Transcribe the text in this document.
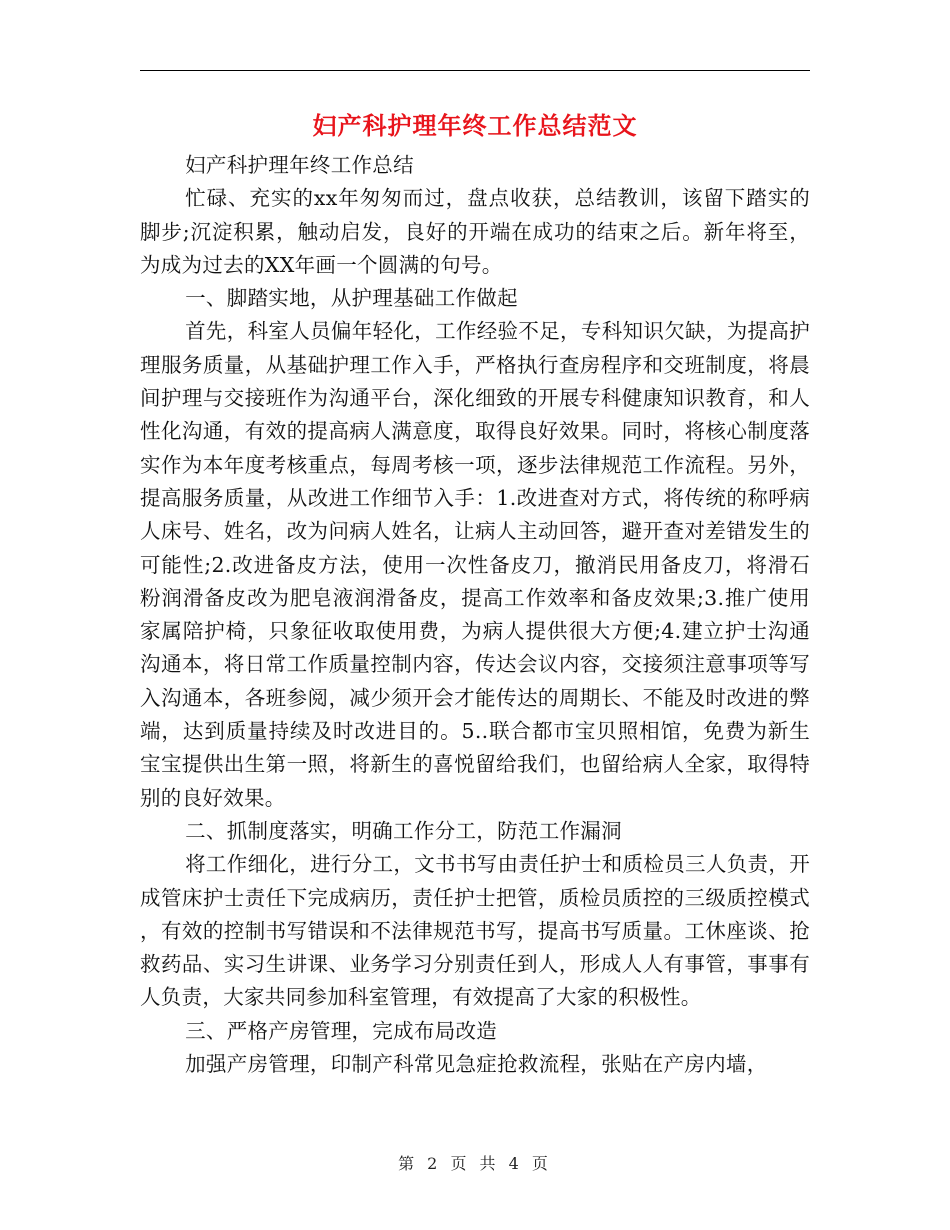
妇产科护理年终工作总结范文

妇产科护理年终工作总结

忙碌、充实的xx年匆匆而过，盘点收获，总结教训，该留下踏实的脚步;沉淀积累，触动启发，良好的开端在成功的结束之后。新年将至，为成为过去的XX年画一个圆满的句号。

一、脚踏实地，从护理基础工作做起

首先，科室人员偏年轻化，工作经验不足，专科知识欠缺，为提高护理服务质量，从基础护理工作入手，严格执行查房程序和交班制度，将晨间护理与交接班作为沟通平台，深化细致的开展专科健康知识教育，和人性化沟通，有效的提高病人满意度，取得良好效果。同时，将核心制度落实作为本年度考核重点，每周考核一项，逐步法律规范工作流程。另外，提高服务质量，从改进工作细节入手：1.改进查对方式，将传统的称呼病人床号、姓名，改为问病人姓名，让病人主动回答，避开查对差错发生的可能性;2.改进备皮方法，使用一次性备皮刀，撤消民用备皮刀，将滑石粉润滑备皮改为肥皂液润滑备皮，提高工作效率和备皮效果;3.推广使用家属陪护椅，只象征收取使用费，为病人提供很大方便;4.建立护士沟通沟通本，将日常工作质量控制内容，传达会议内容，交接须注意事项等写入沟通本，各班参阅，减少须开会才能传达的周期长、不能及时改进的弊端，达到质量持续及时改进目的。5..联合都市宝贝照相馆，免费为新生宝宝提供出生第一照，将新生的喜悦留给我们，也留给病人全家，取得特别的良好效果。

二、抓制度落实，明确工作分工，防范工作漏洞

将工作细化，进行分工，文书书写由责任护士和质检员三人负责，开成管床护士责任下完成病历，责任护士把管，质检员质控的三级质控模式，有效的控制书写错误和不法律规范书写，提高书写质量。工休座谈、抢救药品、实习生讲课、业务学习分别责任到人，形成人人有事管，事事有人负责，大家共同参加科室管理，有效提高了大家的积极性。

三、严格产房管理，完成布局改造

加强产房管理，印制产科常见急症抢救流程，张贴在产房内墙，

第 2 页 共 4 页
